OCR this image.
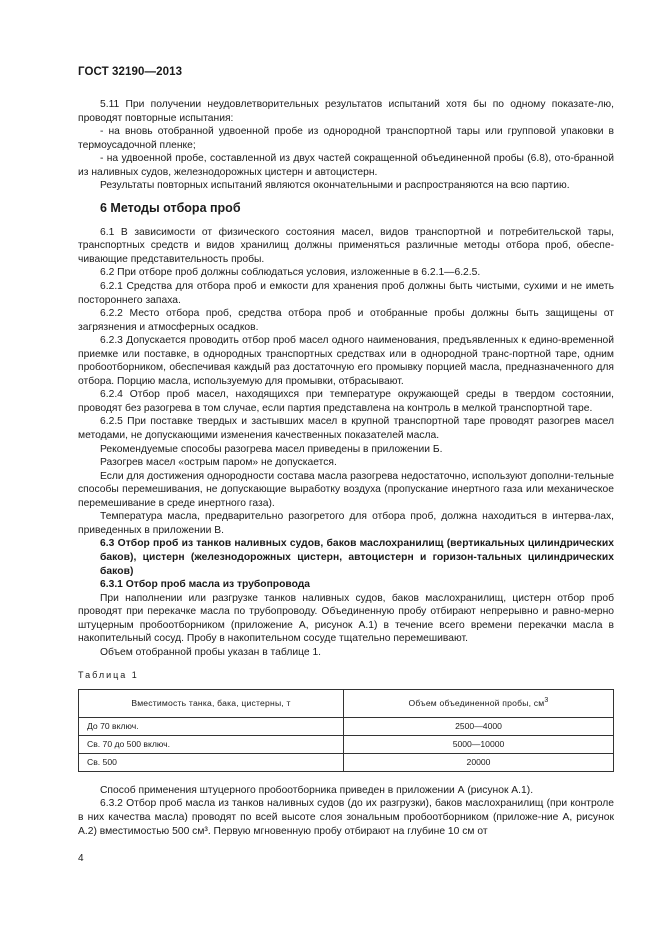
ГОСТ 32190—2013

5.11 При получении неудовлетворительных результатов испытаний хотя бы по одному показате-лю, проводят повторные испытания:

- на вновь отобранной удвоенной пробе из однородной транспортной тары или групповой упаковки в термоусадочной пленке;

- на удвоенной пробе, составленной из двух частей сокращенной объединенной пробы (6.8), ото-бранной из наливных судов, железнодорожных цистерн и автоцистерн.

Результаты повторных испытаний являются окончательными и распространяются на всю партию.

6 Методы отбора проб

6.1 В зависимости от физического состояния масел, видов транспортной и потребительской тары, транспортных средств и видов хранилищ должны применяться различные методы отбора проб, обеспе-чивающие представительность пробы.

6.2 При отборе проб должны соблюдаться условия, изложенные в 6.2.1—6.2.5.

6.2.1 Средства для отбора проб и емкости для хранения проб должны быть чистыми, сухими и не иметь постороннего запаха.

6.2.2 Место отбора проб, средства отбора проб и отобранные пробы должны быть защищены от загрязнения и атмосферных осадков.

6.2.3 Допускается проводить отбор проб масел одного наименования, предъявленных к едино-временной приемке или поставке, в однородных транспортных средствах или в однородной транс-портной таре, одним пробоотборником, обеспечивая каждый раз достаточную его промывку порцией масла, предназначенного для отбора. Порцию масла, используемую для промывки, отбрасывают.

6.2.4 Отбор проб масел, находящихся при температуре окружающей среды в твердом состоянии, проводят без разогрева в том случае, если партия представлена на контроль в мелкой транспортной таре.

6.2.5 При поставке твердых и застывших масел в крупной транспортной таре проводят разогрев масел методами, не допускающими изменения качественных показателей масла.

Рекомендуемые способы разогрева масел приведены в приложении Б.

Разогрев масел «острым паром» не допускается.

Если для достижения однородности состава масла разогрева недостаточно, используют дополни-тельные способы перемешивания, не допускающие выработку воздуха (пропускание инертного газа или механическое перемешивание в среде инертного газа).

Температура масла, предварительно разогретого для отбора проб, должна находиться в интерва-лах, приведенных в приложении В.

6.3 Отбор проб из танков наливных судов, баков маслохранилищ (вертикальных цилиндрических баков), цистерн (железнодорожных цистерн, автоцистерн и горизон-тальных цилиндрических баков)

6.3.1 Отбор проб масла из трубопровода

При наполнении или разгрузке танков наливных судов, баков маслохранилищ, цистерн отбор проб проводят при перекачке масла по трубопроводу. Объединенную пробу отбирают непрерывно и равно-мерно штуцерным пробоотборником (приложение А, рисунок А.1) в течение всего времени перекачки масла в накопительный сосуд. Пробу в накопительном сосуде тщательно перемешивают.

Объем отобранной пробы указан в таблице 1.

Таблица 1

Вместимость танка, бака, цистерны, т	Объем объединенной пробы, $см^3$
До 70 включ.	2500—4000
Св. 70 до 500 включ.	5000—10000
Св. 500	20000

Способ применения штуцерного пробоотборника приведен в приложении А (рисунок А.1).

6.3.2 Отбор проб масла из танков наливных судов (до их разгрузки), баков маслохранилищ (при контроле в них качества масла) проводят по всей высоте слоя зональным пробоотборником (приложе-ние А, рисунок А.2) вместимостью 500 см³. Первую мгновенную пробу отбирают на глубине 10 см от

4
